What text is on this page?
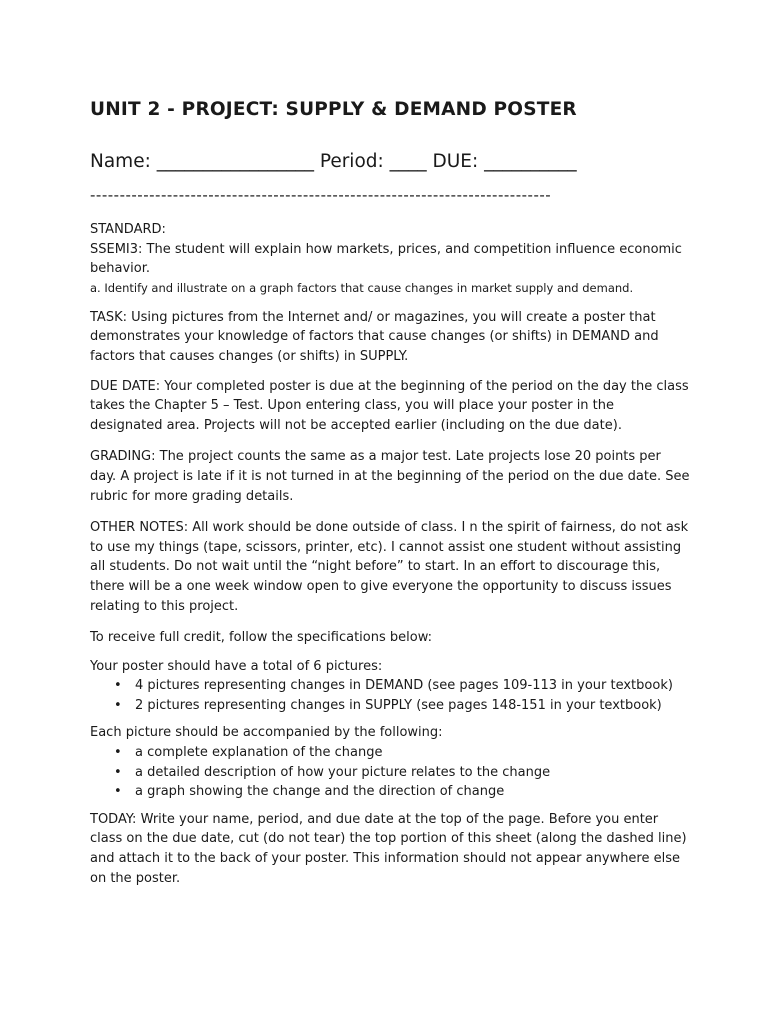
UNIT 2 - PROJECT: SUPPLY & DEMAND POSTER
Name: _________________ Period: ____ DUE: __________
------------------------------------------------------------------------------
STANDARD:
SSEMI3: The student will explain how markets, prices, and competition influence economic behavior.
a. Identify and illustrate on a graph factors that cause changes in market supply and demand.

TASK: Using pictures from the Internet and/ or magazines, you will create a poster that demonstrates your knowledge of factors that cause changes (or shifts) in DEMAND and factors that causes changes (or shifts) in SUPPLY.

DUE DATE: Your completed poster is due at the beginning of the period on the day the class takes the Chapter 5 – Test. Upon entering class, you will place your poster in the designated area. Projects will not be accepted earlier (including on the due date).

GRADING: The project counts the same as a major test. Late projects lose 20 points per day. A project is late if it is not turned in at the beginning of the period on the due date. See rubric for more grading details.

OTHER NOTES: All work should be done outside of class. I n the spirit of fairness, do not ask to use my things (tape, scissors, printer, etc). I cannot assist one student without assisting all students. Do not wait until the “night before” to start. In an effort to discourage this, there will be a one week window open to give everyone the opportunity to discuss issues relating to this project.

To receive full credit, follow the specifications below:

Your poster should have a total of 6 pictures:
• 4 pictures representing changes in DEMAND (see pages 109-113 in your textbook)
• 2 pictures representing changes in SUPPLY (see pages 148-151 in your textbook)
Each picture should be accompanied by the following:
• a complete explanation of the change
• a detailed description of how your picture relates to the change
• a graph showing the change and the direction of change

TODAY: Write your name, period, and due date at the top of the page. Before you enter class on the due date, cut (do not tear) the top portion of this sheet (along the dashed line) and attach it to the back of your poster. This information should not appear anywhere else on the poster.
